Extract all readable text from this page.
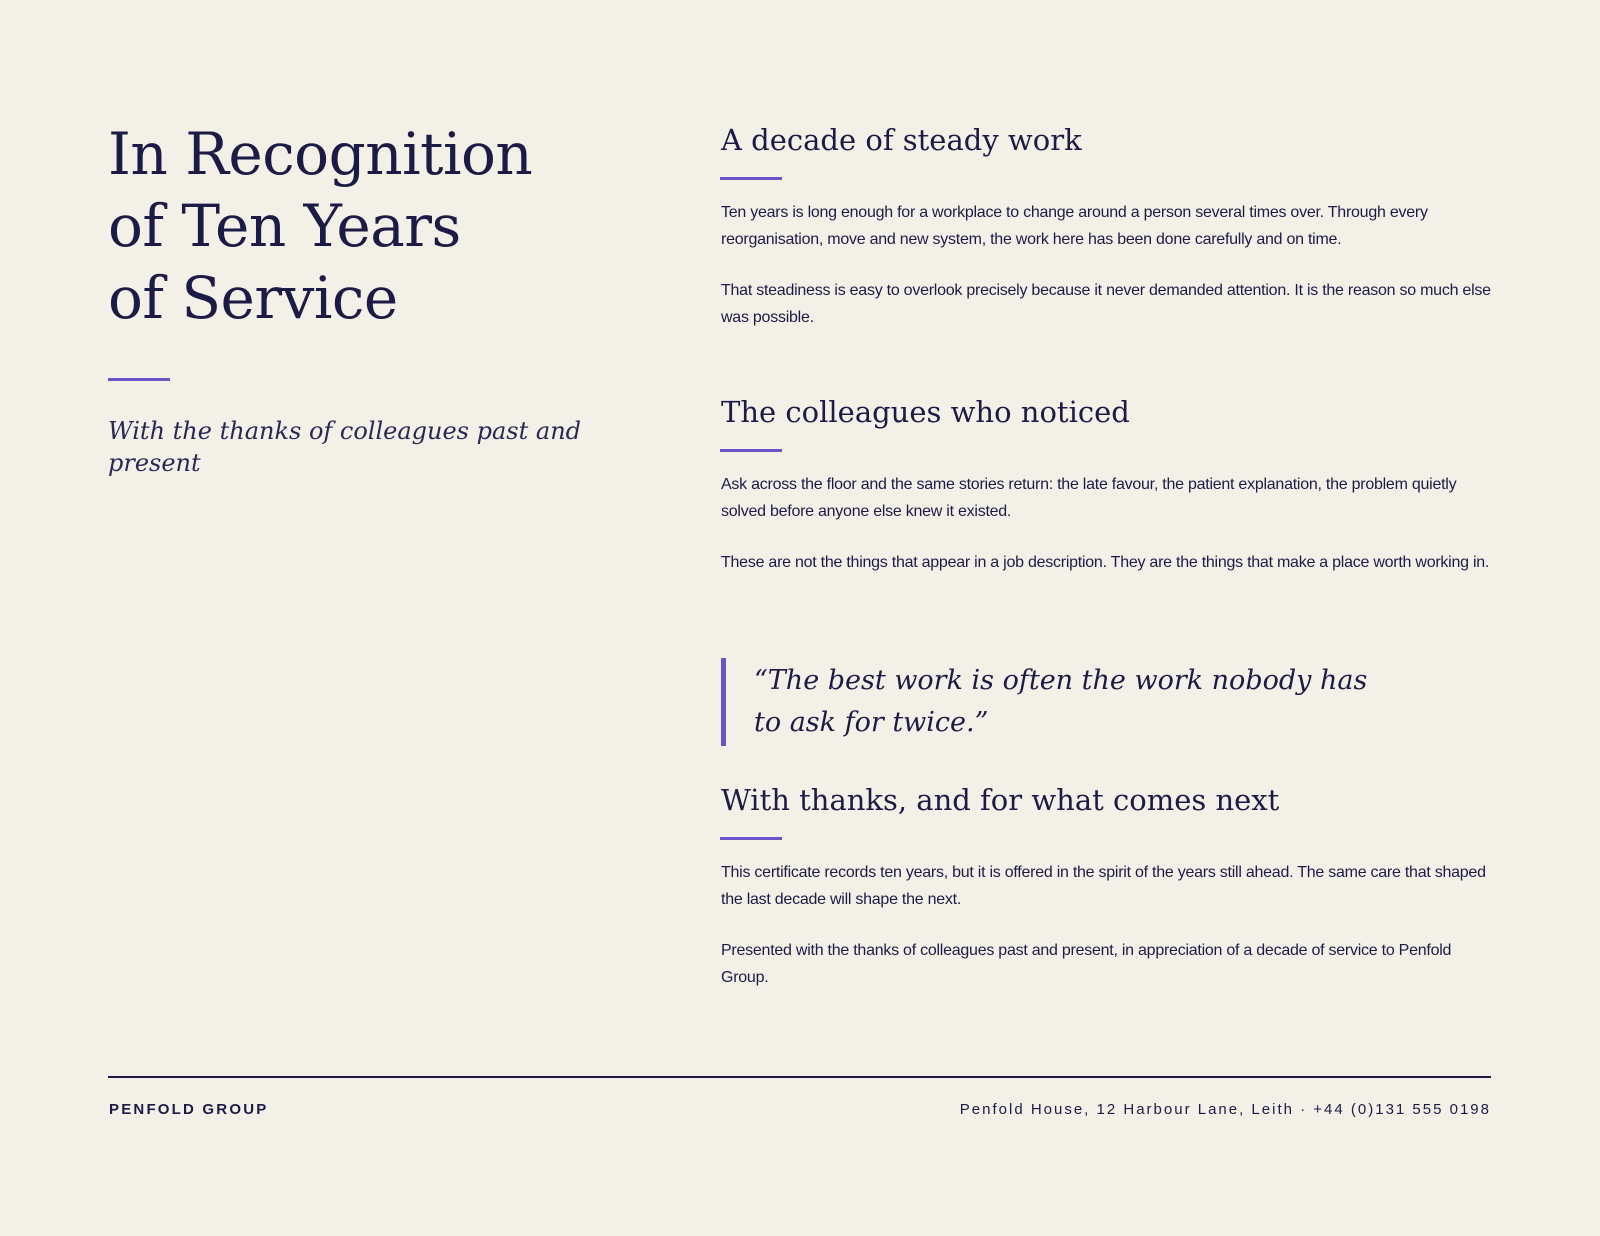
In Recognition
of Ten Years
of Service
With the thanks of colleagues past and present
A decade of steady work

Ten years is long enough for a workplace to change around a person several times over. Through every reorganisation, move and new system, the work here has been done carefully and on time.

That steadiness is easy to overlook precisely because it never demanded attention. It is the reason so much else was possible.

The colleagues who noticed

Ask across the floor and the same stories return: the late favour, the patient explanation, the problem quietly solved before anyone else knew it existed.

These are not the things that appear in a job description. They are the things that make a place worth working in.

“The best work is often the work nobody has to ask for twice.”
With thanks, and for what comes next

This certificate records ten years, but it is offered in the spirit of the years still ahead. The same care that shaped the last decade will shape the next.

Presented with the thanks of colleagues past and present, in appreciation of a decade of service to Penfold Group.

PENFOLD GROUP	Penfold House, 12 Harbour Lane, Leith · +44 (0)131 555 0198
